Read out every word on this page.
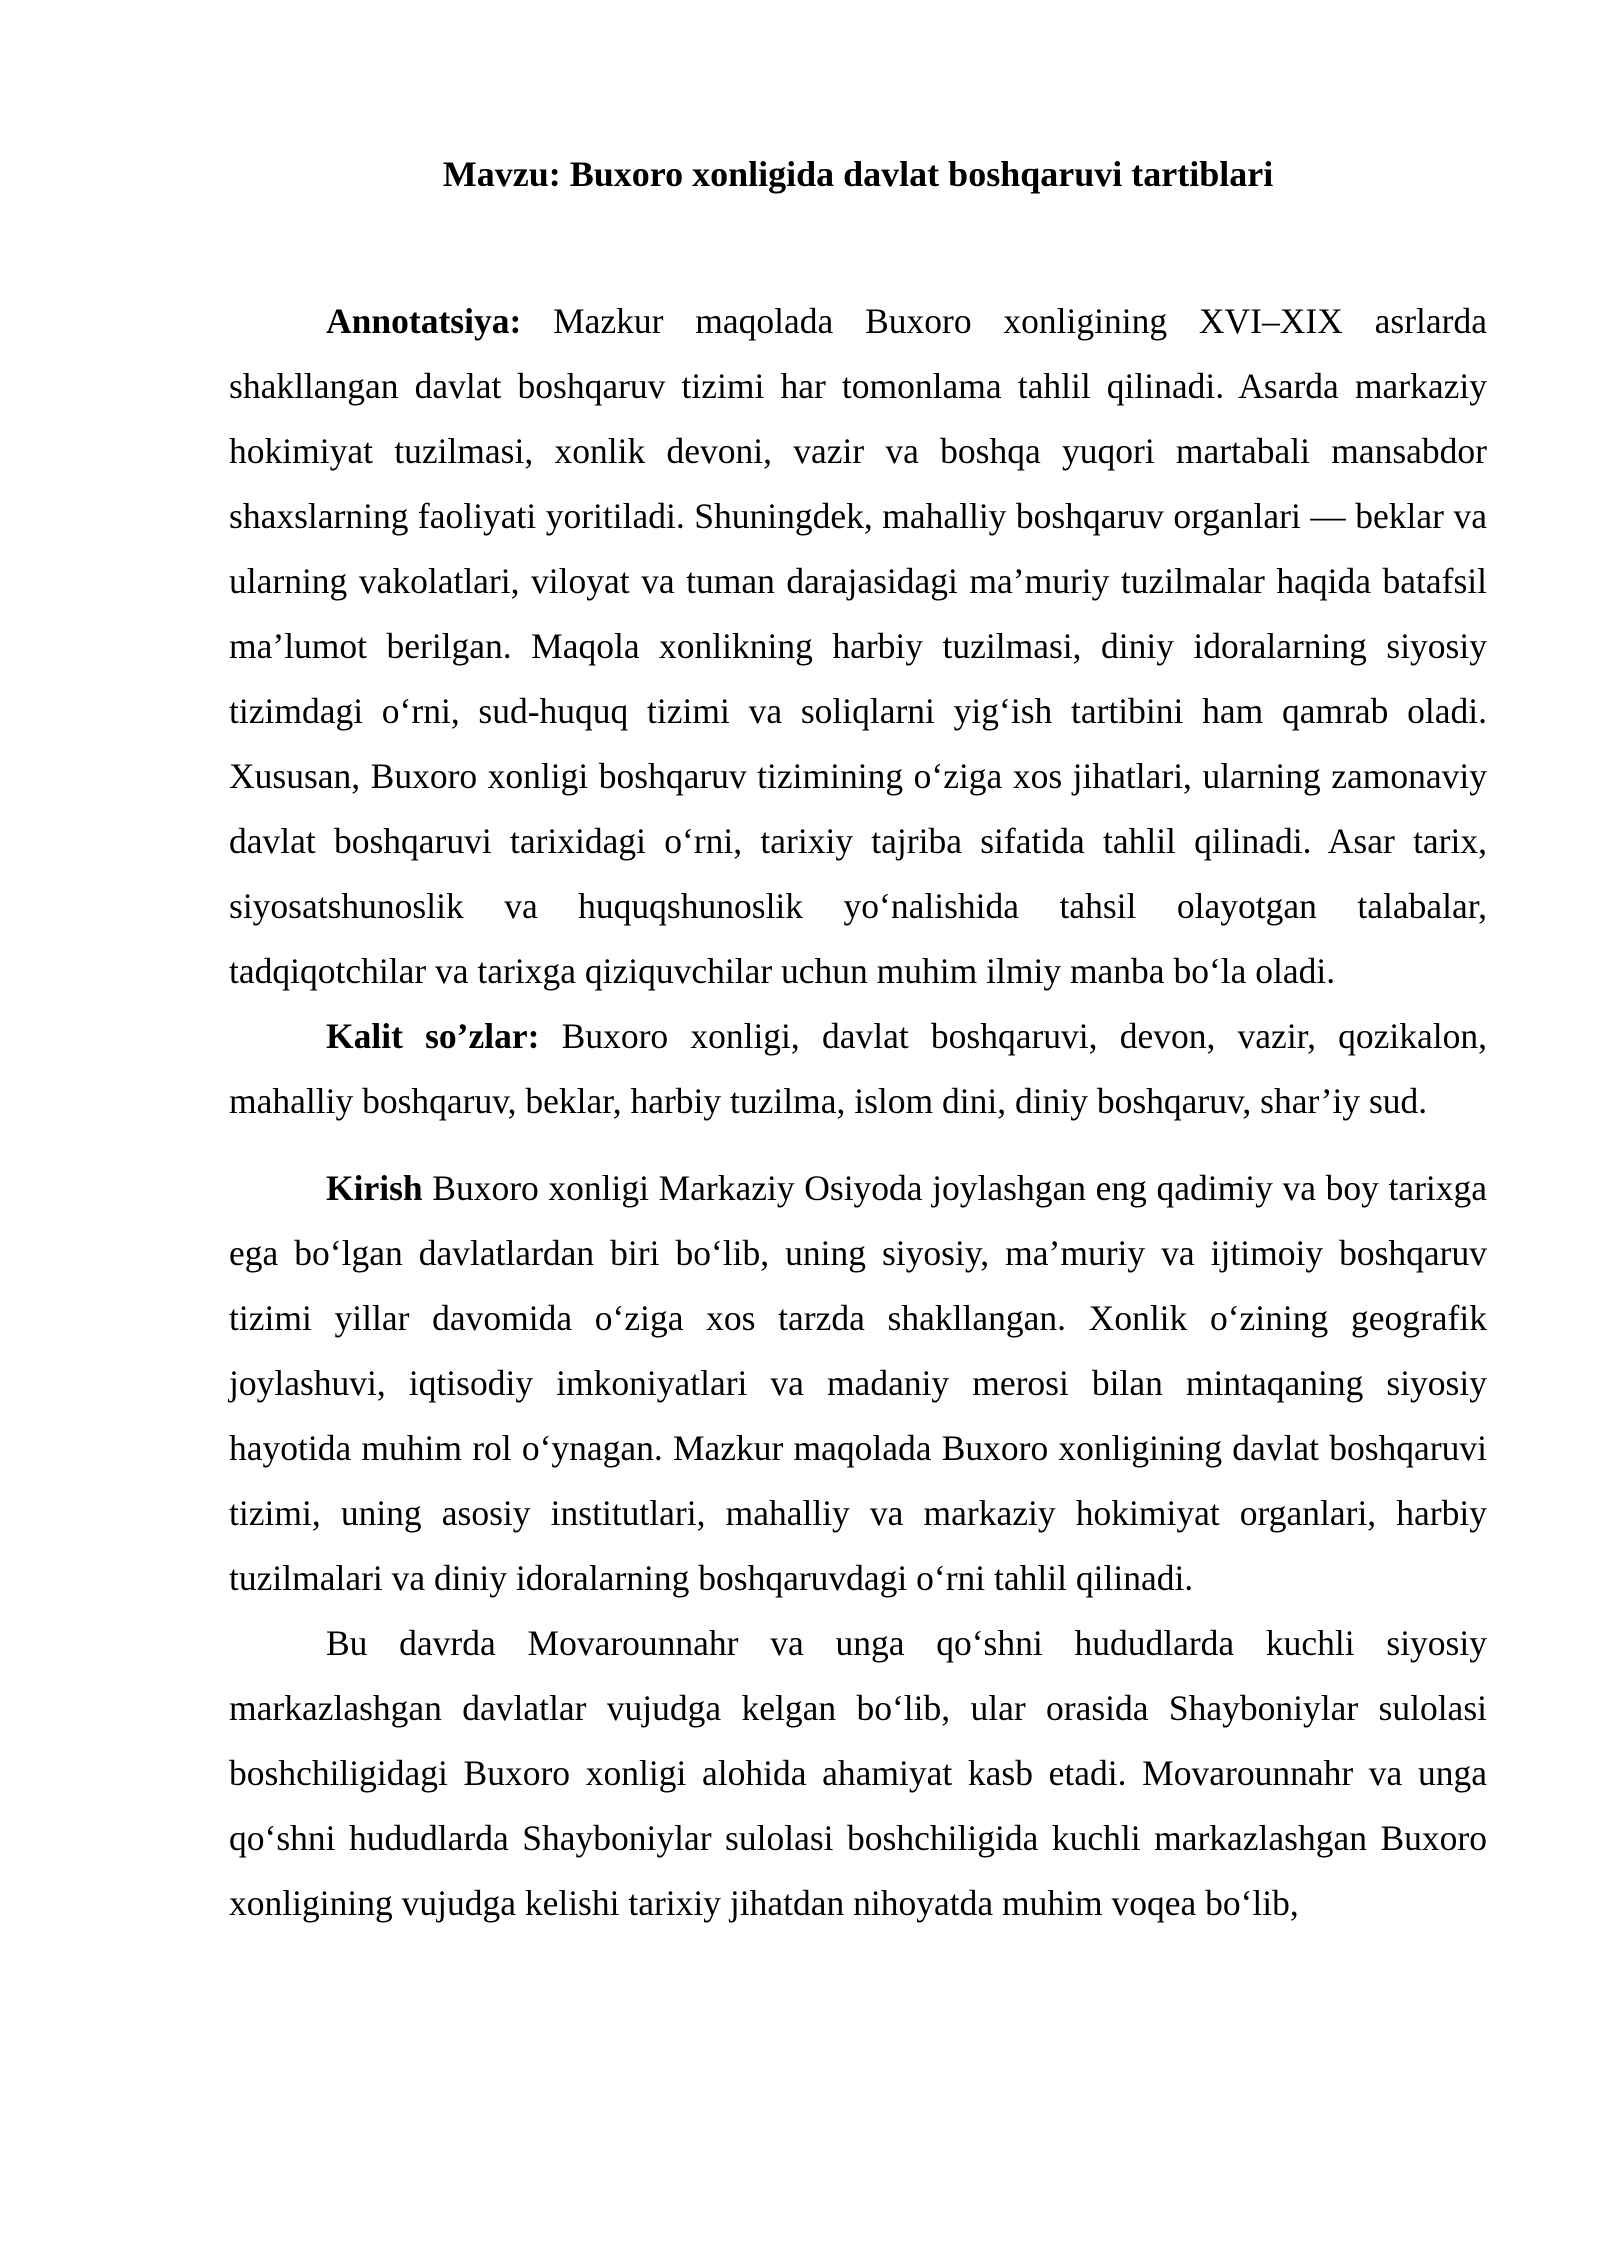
Mavzu: Buxoro xonligida davlat boshqaruvi tartiblari

Annotatsiya: Mazkur maqolada Buxoro xonligining XVI–XIX asrlarda shakllangan davlat boshqaruv tizimi har tomonlama tahlil qilinadi. Asarda markaziy hokimiyat tuzilmasi, xonlik devoni, vazir va boshqa yuqori martabali mansabdor shaxslarning faoliyati yoritiladi. Shuningdek, mahalliy boshqaruv organlari — beklar va ularning vakolatlari, viloyat va tuman darajasidagi ma’muriy tuzilmalar haqida batafsil ma’lumot berilgan. Maqola xonlikning harbiy tuzilmasi, diniy idoralarning siyosiy tizimdagi o‘rni, sud-huquq tizimi va soliqlarni yig‘ish tartibini ham qamrab oladi. Xususan, Buxoro xonligi boshqaruv tizimining o‘ziga xos jihatlari, ularning zamonaviy davlat boshqaruvi tarixidagi o‘rni, tarixiy tajriba sifatida tahlil qilinadi. Asar tarix, siyosatshunoslik va huquqshunoslik yo‘nalishida tahsil olayotgan talabalar, tadqiqotchilar va tarixga qiziquvchilar uchun muhim ilmiy manba bo‘la oladi.

Kalit so’zlar: Buxoro xonligi, davlat boshqaruvi, devon, vazir, qozikalon, mahalliy boshqaruv, beklar, harbiy tuzilma, islom dini, diniy boshqaruv, shar’iy sud.

Kirish Buxoro xonligi Markaziy Osiyoda joylashgan eng qadimiy va boy tarixga ega bo‘lgan davlatlardan biri bo‘lib, uning siyosiy, ma’muriy va ijtimoiy boshqaruv tizimi yillar davomida o‘ziga xos tarzda shakllangan. Xonlik o‘zining geografik joylashuvi, iqtisodiy imkoniyatlari va madaniy merosi bilan mintaqaning siyosiy hayotida muhim rol o‘ynagan. Mazkur maqolada Buxoro xonligining davlat boshqaruvi tizimi, uning asosiy institutlari, mahalliy va markaziy hokimiyat organlari, harbiy tuzilmalari va diniy idoralarning boshqaruvdagi o‘rni tahlil qilinadi.

Bu davrda Movarounnahr va unga qo‘shni hududlarda kuchli siyosiy markazlashgan davlatlar vujudga kelgan bo‘lib, ular orasida Shayboniylar sulolasi boshchiligidagi Buxoro xonligi alohida ahamiyat kasb etadi. Movarounnahr va unga qo‘shni hududlarda Shayboniylar sulolasi boshchiligida kuchli markazlashgan Buxoro xonligining vujudga kelishi tarixiy jihatdan nihoyatda muhim voqea bo‘lib,
